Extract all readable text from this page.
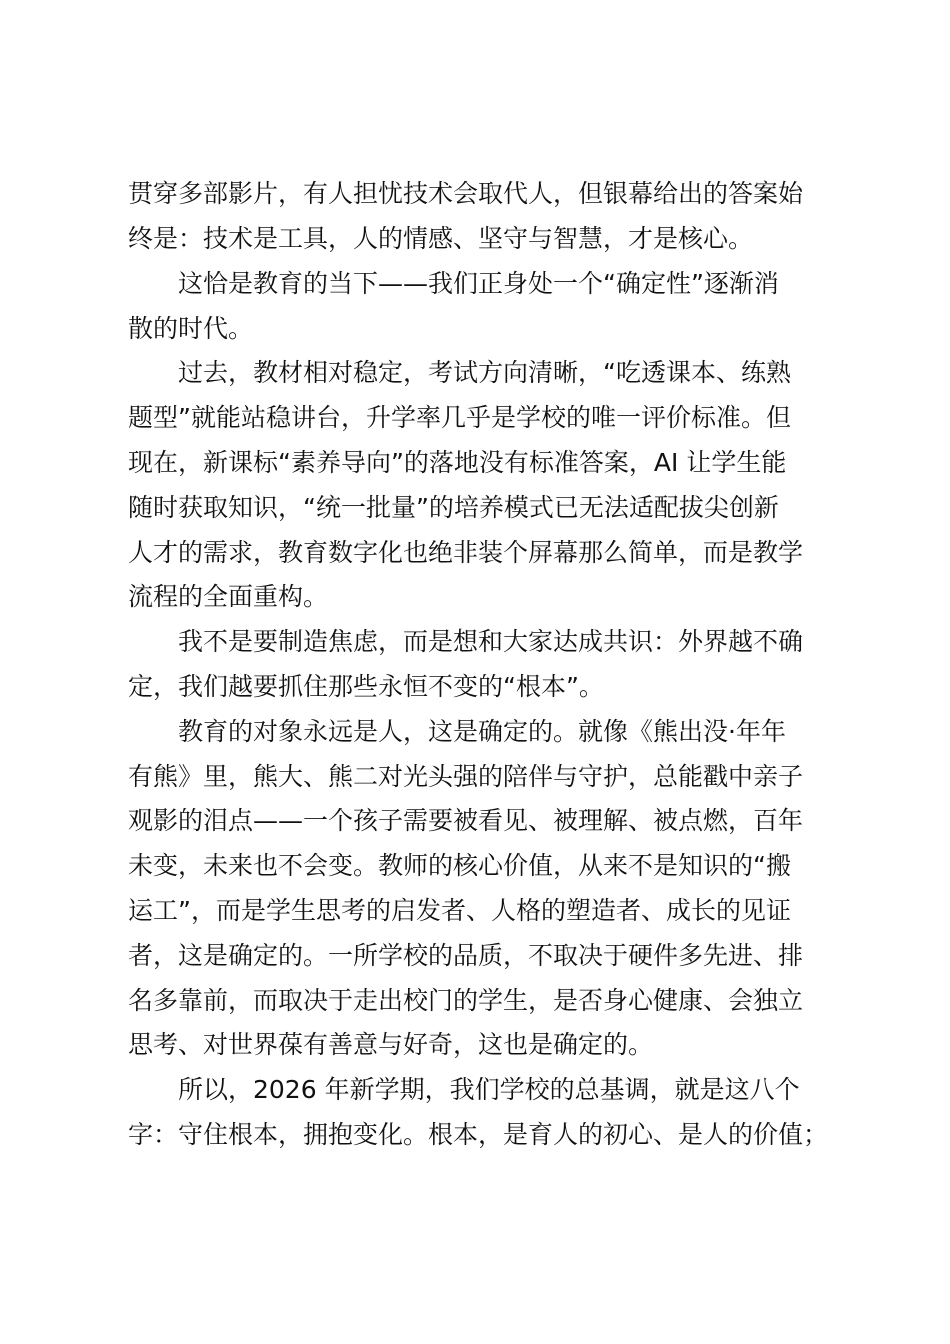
贯穿多部影片，有人担忧技术会取代人，但银幕给出的答案始
终是：技术是工具，人的情感、坚守与智慧，才是核心。
这恰是教育的当下——我们正身处一个“确定性”逐渐消
散的时代。
过去，教材相对稳定，考试方向清晰，“吃透课本、练熟
题型”就能站稳讲台，升学率几乎是学校的唯一评价标准。但
现在，新课标“素养导向”的落地没有标准答案，AI 让学生能
随时获取知识，“统一批量”的培养模式已无法适配拔尖创新
人才的需求，教育数字化也绝非装个屏幕那么简单，而是教学
流程的全面重构。
我不是要制造焦虑，而是想和大家达成共识：外界越不确
定，我们越要抓住那些永恒不变的“根本”。
教育的对象永远是人，这是确定的。就像《熊出没·年年
有熊》里，熊大、熊二对光头强的陪伴与守护，总能戳中亲子
观影的泪点——一个孩子需要被看见、被理解、被点燃，百年
未变，未来也不会变。教师的核心价值，从来不是知识的“搬
运工”，而是学生思考的启发者、人格的塑造者、成长的见证
者，这是确定的。一所学校的品质，不取决于硬件多先进、排
名多靠前，而取决于走出校门的学生，是否身心健康、会独立
思考、对世界葆有善意与好奇，这也是确定的。
所以，2026 年新学期，我们学校的总基调，就是这八个
字：守住根本，拥抱变化。根本，是育人的初心、是人的价值；
